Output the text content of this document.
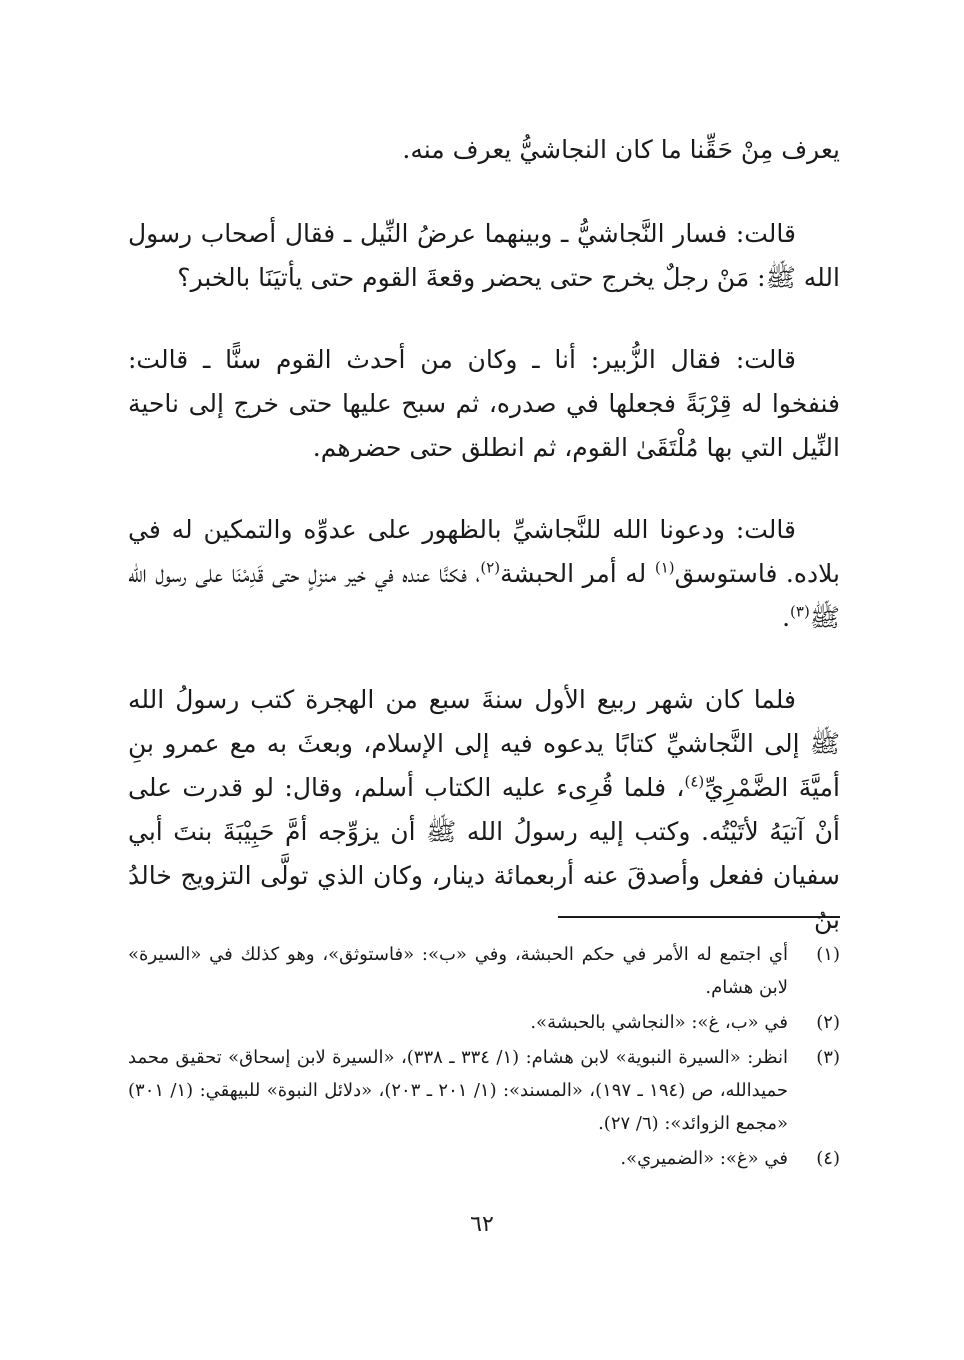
يعرف مِنْ حَقِّنا ما كان النجاشيُّ يعرف منه.

قالت: فسار النَّجاشيُّ ـ وبينهما عرضُ النِّيل ـ فقال أصحاب رسول الله ﷺ: مَنْ رجلٌ يخرج حتى يحضر وقعةَ القوم حتى يأتيَنَا بالخبر؟

قالت: فقال الزُّبير: أنا ـ وكان من أحدث القوم سنًّا ـ قالت: فنفخوا له قِرْبَةً فجعلها في صدره، ثم سبح عليها حتى خرج إلى ناحية النِّيل التي بها مُلْتَقَىٰ القوم، ثم انطلق حتى حضرهم.

قالت: ودعونا الله للنَّجاشيِّ بالظهور على عدوِّه والتمكين له في بلاده. فاستوسق$^{(١)}$ له أمر الحبشة$^{(٢)}$، فكنَّا عنده في خير منزلٍ حتى قَدِمْنَا على رسول الله ﷺ$^{(٣)}$.

فلما كان شهر ربيع الأول سنةَ سبع من الهجرة كتب رسولُ الله ﷺ إلى النَّجاشيِّ كتابًا يدعوه فيه إلى الإسلام، وبعثَ به مع عمرو بنِ أميَّةَ الضَّمْرِيِّ$^{(٤)}$، فلما قُرِىء عليه الكتاب أسلم، وقال: لو قدرت على أنْ آتيَهُ لأتَيْتُه. وكتب إليه رسولُ الله ﷺ أن يزوِّجه أمَّ حَبِيْبَةَ بنتَ أبي سفيان ففعل وأصدقَ عنه أربعمائة دينار، وكان الذي تولَّى التزويج خالدُ بنُ

(١)
أي اجتمع له الأمر في حكم الحبشة، وفي «ب»: «فاستوثق»، وهو كذلك في «السيرة» لابن هشام.
(٢)
في «ب، غ»: «النجاشي بالحبشة».
(٣)
انظر: «السيرة النبوية» لابن هشام: (١/ ٣٣٤ ـ ٣٣٨)، «السيرة لابن إسحاق» تحقيق محمد حميدالله، ص (١٩٤ ـ ١٩٧)، «المسند»: (١/ ٢٠١ ـ ٢٠٣)، «دلائل النبوة» للبيهقي: (١/ ٣٠١) «مجمع الزوائد»: (٦/ ٢٧).
(٤)
في «غ»: «الضميري».
٦٢
